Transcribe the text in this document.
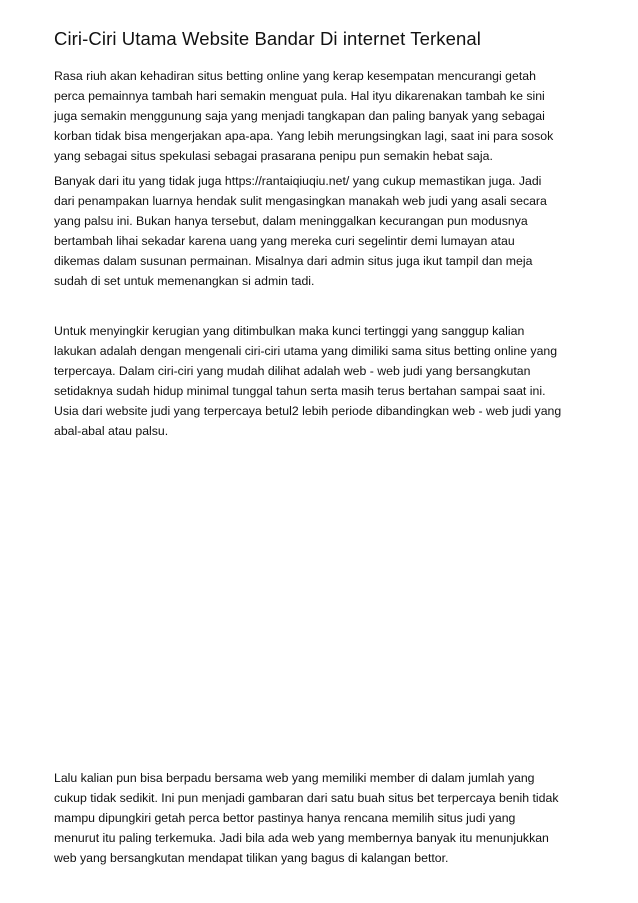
Ciri-Ciri Utama Website Bandar Di internet Terkenal

Rasa riuh akan kehadiran situs betting online yang kerap kesempatan mencurangi getah
perca pemainnya tambah hari semakin menguat pula. Hal ityu dikarenakan tambah ke sini
juga semakin menggunung saja yang menjadi tangkapan dan paling banyak yang sebagai
korban tidak bisa mengerjakan apa-apa. Yang lebih merungsingkan lagi, saat ini para sosok
yang sebagai situs spekulasi sebagai prasarana penipu pun semakin hebat saja.

Banyak dari itu yang tidak juga https://rantaiqiuqiu.net/ yang cukup memastikan juga. Jadi
dari penampakan luarnya hendak sulit mengasingkan manakah web judi yang asali secara
yang palsu ini. Bukan hanya tersebut, dalam meninggalkan kecurangan pun modusnya
bertambah lihai sekadar karena uang yang mereka curi segelintir demi lumayan atau
dikemas dalam susunan permainan. Misalnya dari admin situs juga ikut tampil dan meja
sudah di set untuk memenangkan si admin tadi.

Untuk menyingkir kerugian yang ditimbulkan maka kunci tertinggi yang sanggup kalian
lakukan adalah dengan mengenali ciri-ciri utama yang dimiliki sama situs betting online yang
terpercaya. Dalam ciri-ciri yang mudah dilihat adalah web - web judi yang bersangkutan
setidaknya sudah hidup minimal tunggal tahun serta masih terus bertahan sampai saat ini.
Usia dari website judi yang terpercaya betul2 lebih periode dibandingkan web - web judi yang
abal-abal atau palsu.

Lalu kalian pun bisa berpadu bersama web yang memiliki member di dalam jumlah yang
cukup tidak sedikit. Ini pun menjadi gambaran dari satu buah situs bet terpercaya benih tidak
mampu dipungkiri getah perca bettor pastinya hanya rencana memilih situs judi yang
menurut itu paling terkemuka. Jadi bila ada web yang membernya banyak itu menunjukkan
web yang bersangkutan mendapat tilikan yang bagus di kalangan bettor.
